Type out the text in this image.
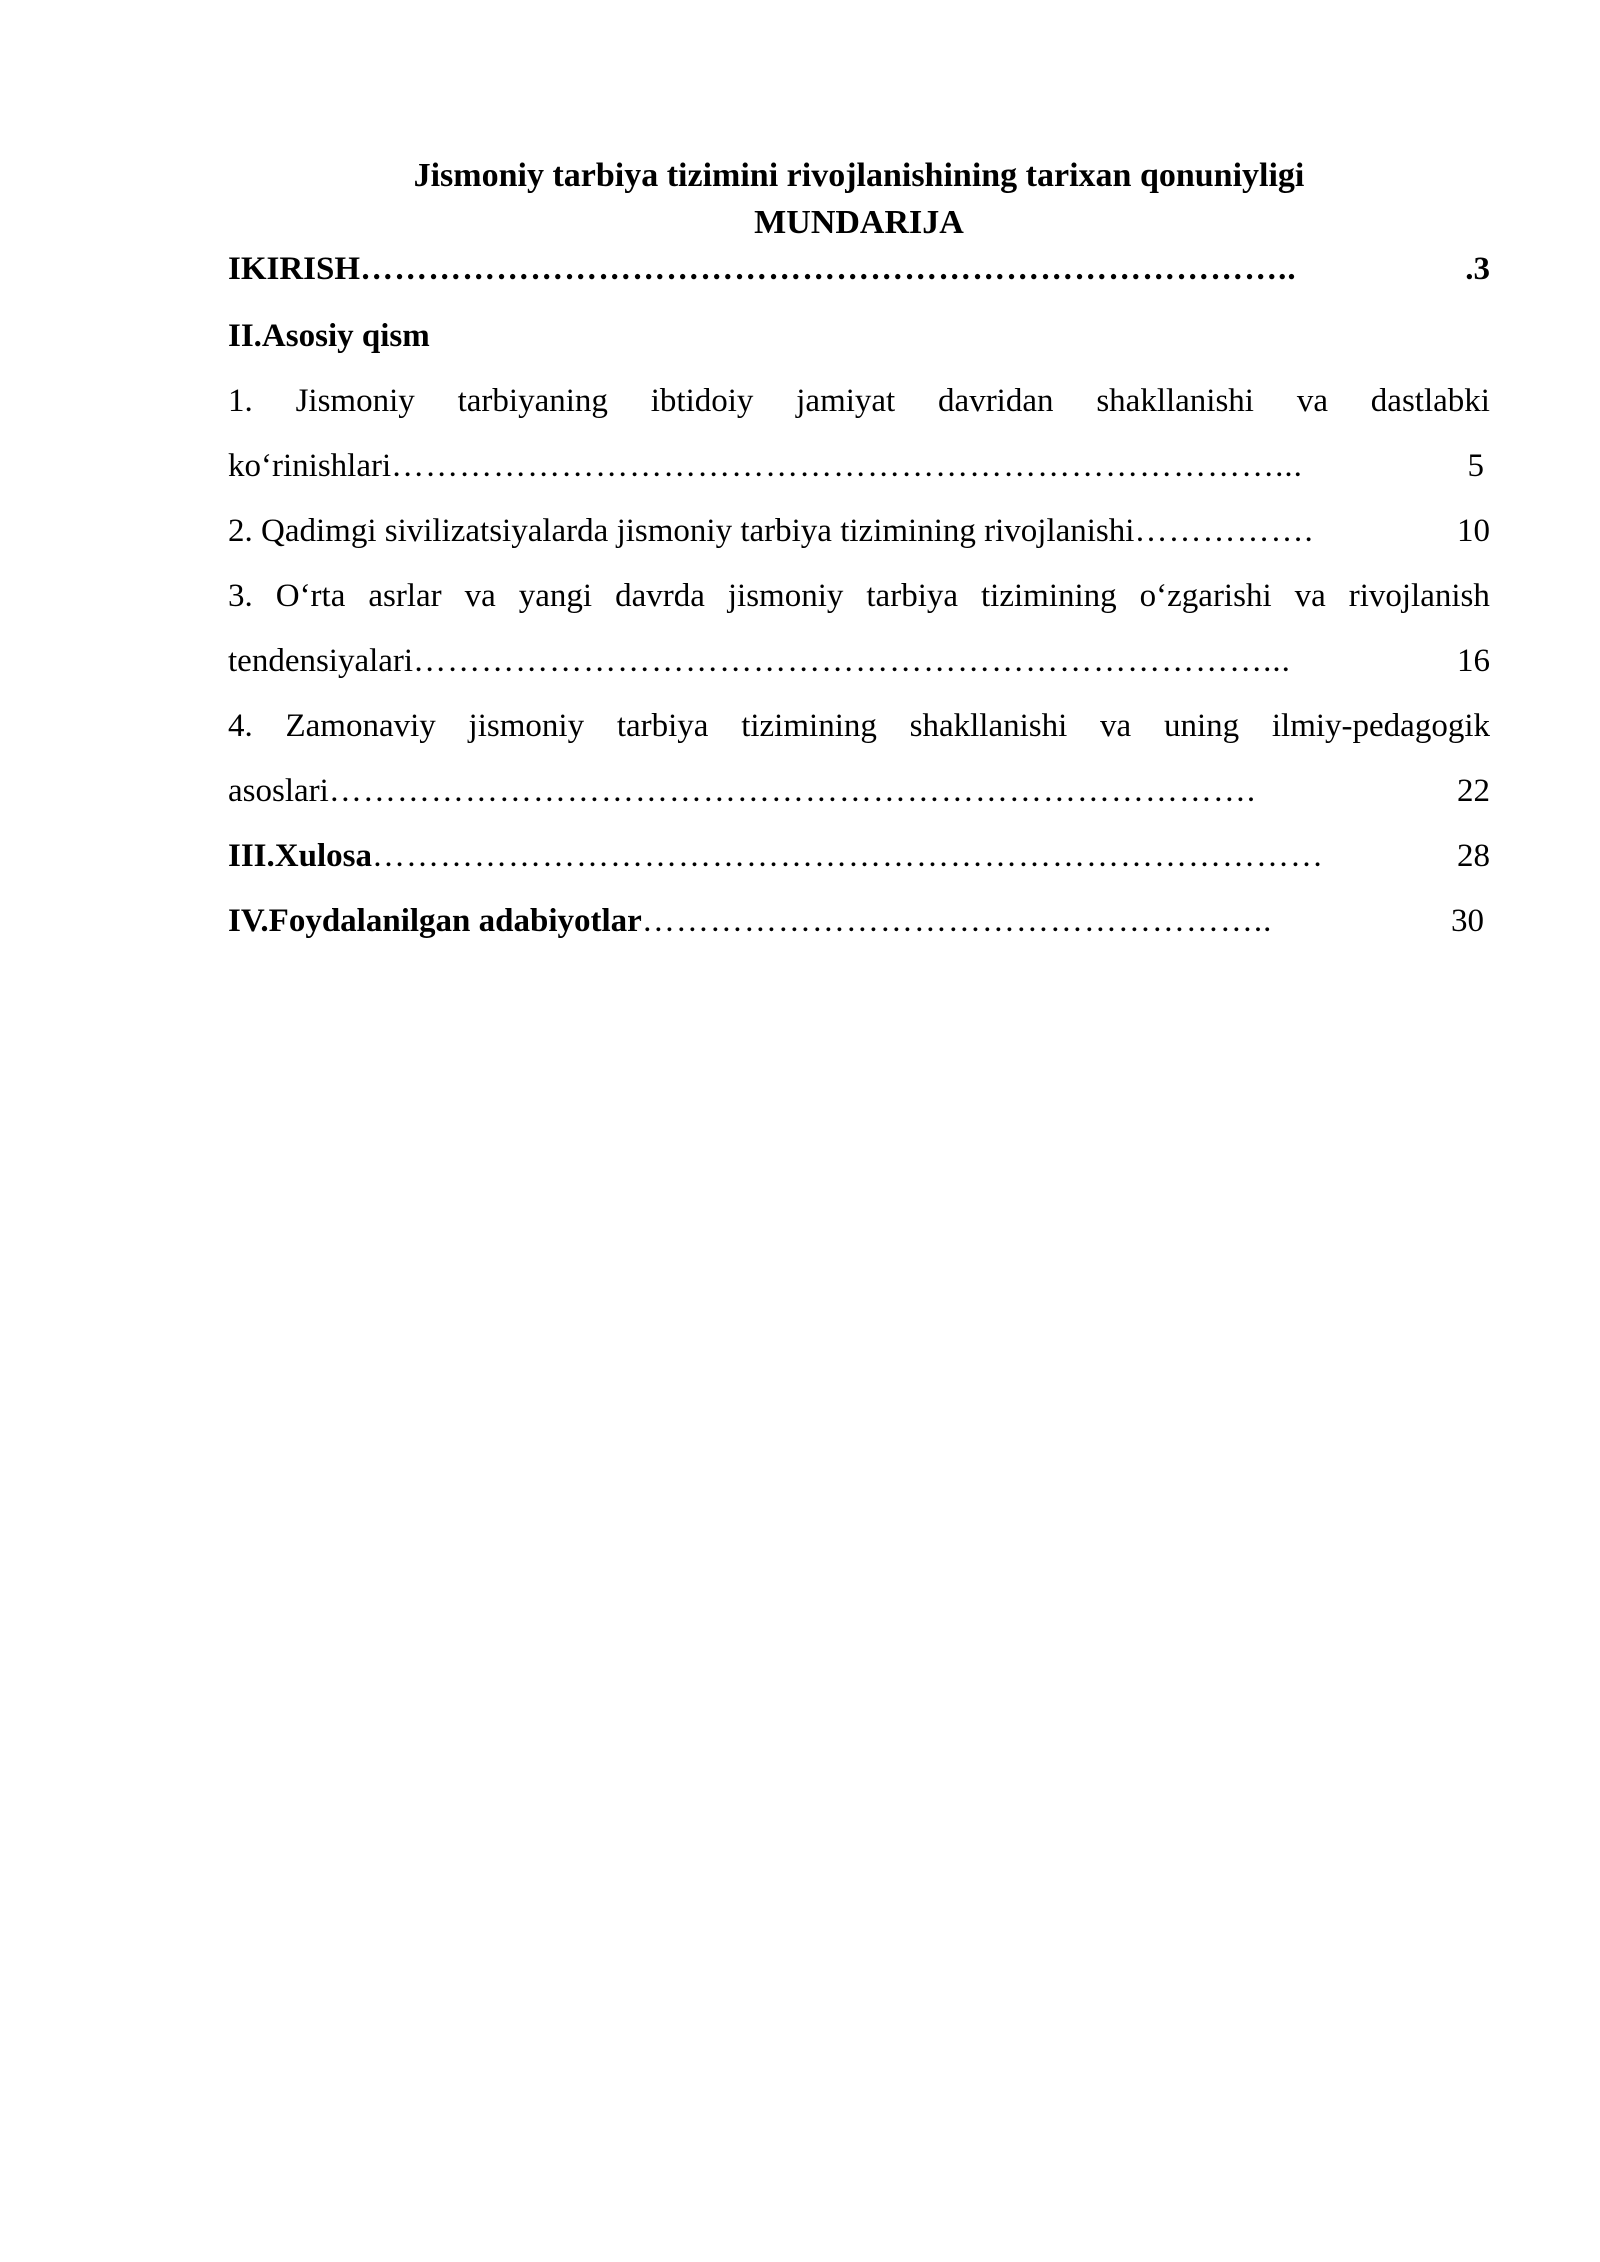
Jismoniy tarbiya tizimini rivojlanishining tarixan qonuniyligi
MUNDARIJA
IKIRISH ………………………………………………………………………..	.3
II.Asosiy qism
1. Jismoniy tarbiyaning ibtidoiy jamiyat davridan shakllanishi va dastlabki
ko‘rinishlari ……………………………………………………………………...	5
2. Qadimgi sivilizatsiyalarda jismoniy tarbiya tizimining rivojlanishi …………….	10
3. O‘rta asrlar va yangi davrda jismoniy tarbiya tizimining o‘zgarishi va rivojlanish
tendensiyalari …………………………………………………………………...	16
4. Zamonaviy jismoniy tarbiya tizimining shakllanishi va uning ilmiy-pedagogik
asoslari ……………………………………………………………………….	22
III.Xulosa …………………………………………………………………………	28
IV.Foydalanilgan adabiyotlar ………………………………………………..	30
